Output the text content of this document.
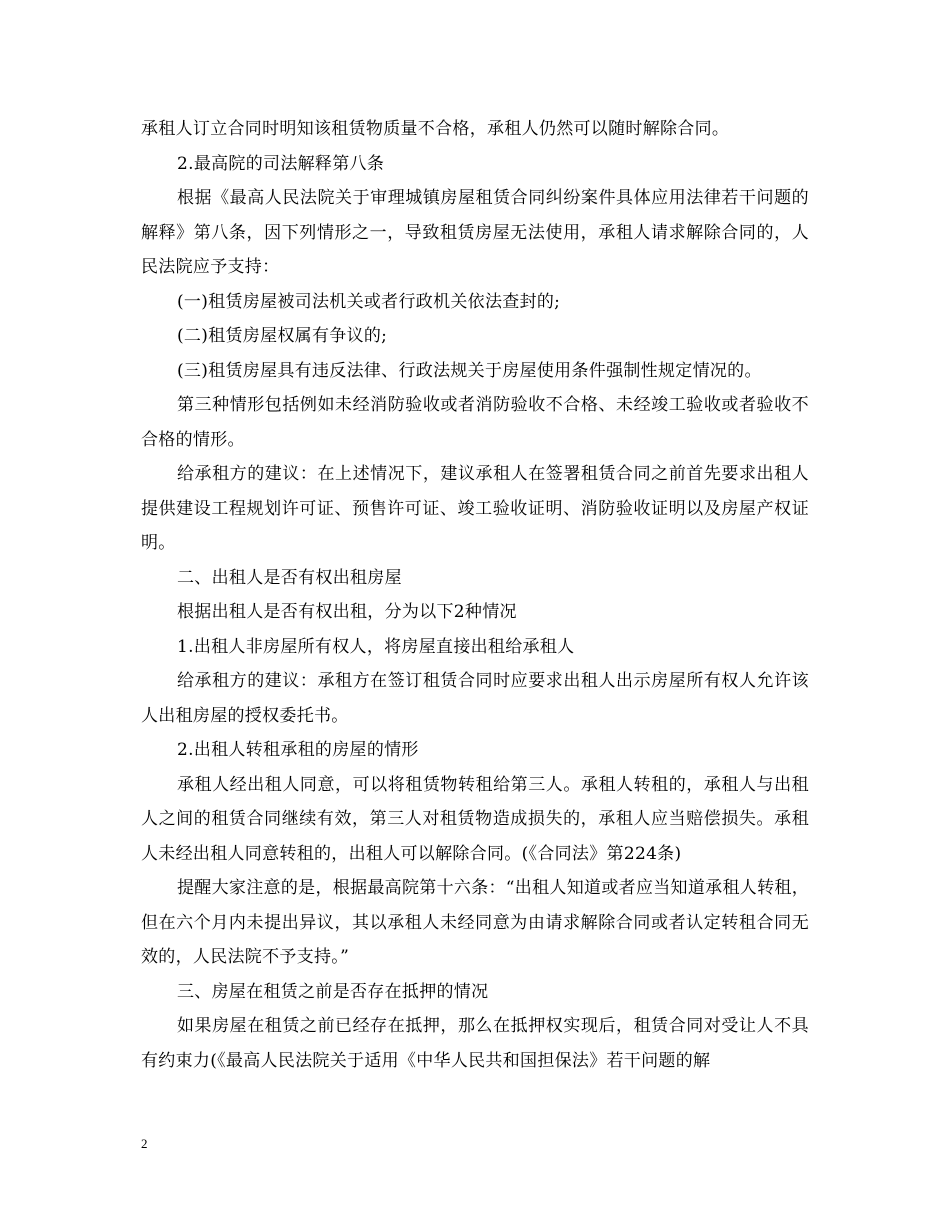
承租人订立合同时明知该租赁物质量不合格，承租人仍然可以随时解除合同。

2.最高院的司法解释第八条

根据《最高人民法院关于审理城镇房屋租赁合同纠纷案件具体应用法律若干问题的解释》第八条，因下列情形之一，导致租赁房屋无法使用，承租人请求解除合同的，人民法院应予支持：

(一)租赁房屋被司法机关或者行政机关依法查封的;

(二)租赁房屋权属有争议的;

(三)租赁房屋具有违反法律、行政法规关于房屋使用条件强制性规定情况的。

第三种情形包括例如未经消防验收或者消防验收不合格、未经竣工验收或者验收不合格的情形。

给承租方的建议：在上述情况下，建议承租人在签署租赁合同之前首先要求出租人提供建设工程规划许可证、预售许可证、竣工验收证明、消防验收证明以及房屋产权证明。

二、出租人是否有权出租房屋

根据出租人是否有权出租，分为以下2种情况

1.出租人非房屋所有权人，将房屋直接出租给承租人

给承租方的建议：承租方在签订租赁合同时应要求出租人出示房屋所有权人允许该人出租房屋的授权委托书。

2.出租人转租承租的房屋的情形

承租人经出租人同意，可以将租赁物转租给第三人。承租人转租的，承租人与出租人之间的租赁合同继续有效，第三人对租赁物造成损失的，承租人应当赔偿损失。承租人未经出租人同意转租的，出租人可以解除合同。(《合同法》第224条)

提醒大家注意的是，根据最高院第十六条：“出租人知道或者应当知道承租人转租，但在六个月内未提出异议，其以承租人未经同意为由请求解除合同或者认定转租合同无效的，人民法院不予支持。”

三、房屋在租赁之前是否存在抵押的情况

如果房屋在租赁之前已经存在抵押，那么在抵押权实现后，租赁合同对受让人不具有约束力(《最高人民法院关于适用《中华人民共和国担保法》若干问题的解

2
